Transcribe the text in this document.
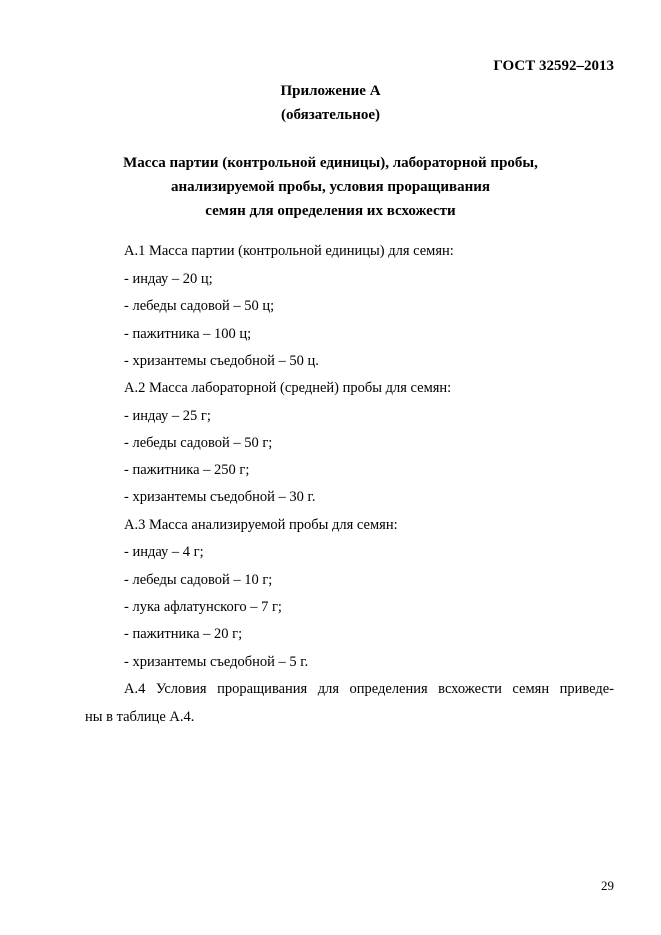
ГОСТ 32592–2013
Приложение А
(обязательное)
Масса партии (контрольной единицы), лабораторной пробы,
анализируемой пробы, условия проращивания
семян для определения их всхожести
А.1 Масса партии (контрольной единицы) для семян:
- индау – 20 ц;
- лебеды садовой – 50 ц;
- пажитника – 100 ц;
- хризантемы съедобной – 50 ц.
А.2 Масса лабораторной (средней) пробы для семян:
- индау – 25 г;
- лебеды садовой – 50 г;
- пажитника – 250 г;
- хризантемы съедобной – 30 г.
А.3 Масса анализируемой пробы для семян:
- индау – 4 г;
- лебеды садовой – 10 г;
- лука афлатунского – 7 г;
- пажитника – 20 г;
- хризантемы съедобной – 5 г.
А.4 Условия проращивания для определения всхожести семян приведе-
ны в таблице А.4.
29
